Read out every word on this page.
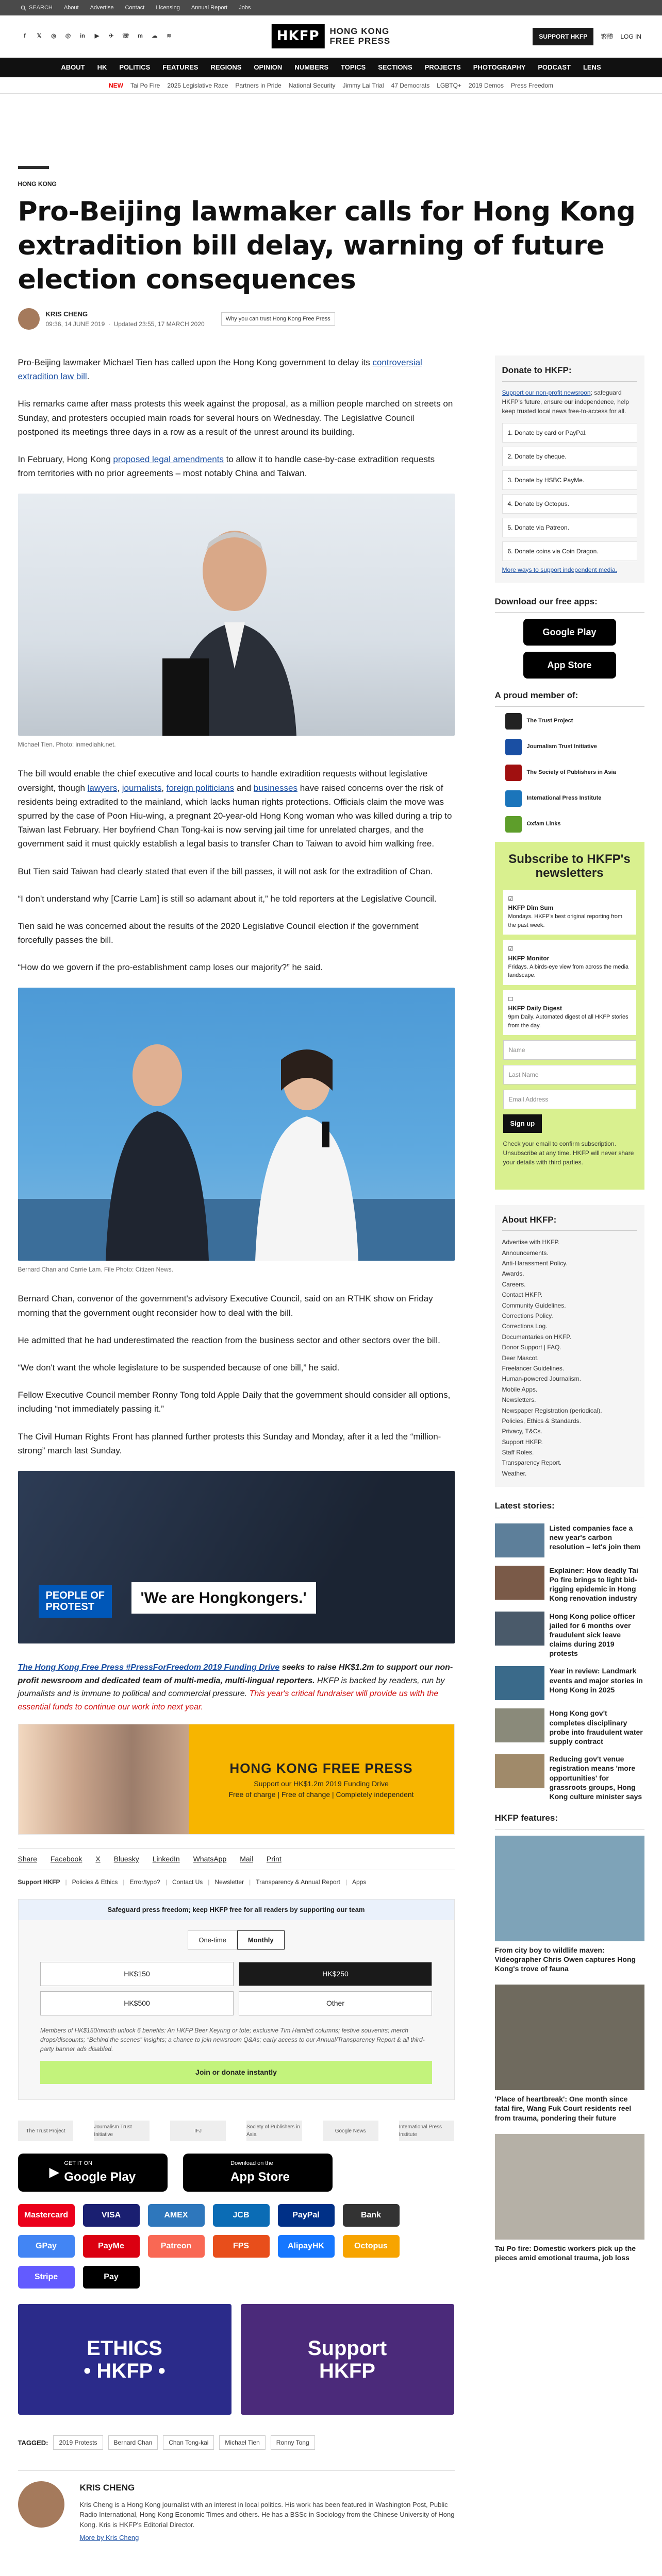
SEARCH About Advertise Contact Licensing Annual Report Jobs
f	𝕏	◎ @ in	▶	✈	☏ m ☁	≋	HKFP	HONG KONG
FREE PRESS	SUPPORT HKFP	繁體 LOG IN
ABOUT HK POLITICS FEATURES REGIONS OPINION NUMBERS TOPICS SECTIONS PROJECTS PHOTOGRAPHY PODCAST LENS
NEW Tai Po Fire 2025 Legislative Race Partners in Pride National Security Jimmy Lai Trial 47 Democrats LGBTQ+ 2019 Demos Press Freedom
HONG KONG
Pro-Beijing lawmaker calls for Hong Kong extradition bill delay, warning of future election consequences
KRIS CHENG
09:36, 14 JUNE 2019  ·  Updated 23:55, 17 MARCH 2020
Why you can trust Hong Kong Free Press

Pro-Beijing lawmaker Michael Tien has called upon the Hong Kong government to delay its controversial extradition law bill.

His remarks came after mass protests this week against the proposal, as a million people marched on streets on Sunday, and protesters occupied main roads for several hours on Wednesday. The Legislative Council postponed its meetings three days in a row as a result of the unrest around its building.

In February, Hong Kong proposed legal amendments to allow it to handle case-by-case extradition requests from territories with no prior agreements – most notably China and Taiwan.

Michael Tien. Photo: inmediahk.net.

The bill would enable the chief executive and local courts to handle extradition requests without legislative oversight, though lawyers, journalists, foreign politicians and businesses have raised concerns over the risk of residents being extradited to the mainland, which lacks human rights protections. Officials claim the move was spurred by the case of Poon Hiu-wing, a pregnant 20-year-old Hong Kong woman who was killed during a trip to Taiwan last February. Her boyfriend Chan Tong-kai is now serving jail time for unrelated charges, and the government said it must quickly establish a legal basis to transfer Chan to Taiwan to avoid him walking free.

But Tien said Taiwan had clearly stated that even if the bill passes, it will not ask for the extradition of Chan.

“I don't understand why [Carrie Lam] is still so adamant about it,” he told reporters at the Legislative Council.

Tien said he was concerned about the results of the 2020 Legislative Council election if the government forcefully passes the bill.

“How do we govern if the pro-establishment camp loses our majority?” he said.

Bernard Chan and Carrie Lam. File Photo: Citizen News.

Bernard Chan, convenor of the government's advisory Executive Council, said on an RTHK show on Friday morning that the government ought reconsider how to deal with the bill.

He admitted that he had underestimated the reaction from the business sector and other sectors over the bill.

“We don't want the whole legislature to be suspended because of one bill,” he said.

Fellow Executive Council member Ronny Tong told Apple Daily that the government should consider all options, including “not immediately passing it.”

The Civil Human Rights Front has planned further protests this Sunday and Monday, after it a led the “million-strong” march last Sunday.

PEOPLE OF
PROTEST
'We are Hongkongers.'
The Hong Kong Free Press #PressForFreedom 2019 Funding Drive seeks to raise HK$1.2m to support our non-profit newsroom and dedicated team of multi-media, multi-lingual reporters. HKFP is backed by readers, run by journalists and is immune to political and commercial pressure. This year's critical fundraiser will provide us with the essential funds to continue our work into next year.
HONG KONG FREE PRESS
Support our HK$1.2m 2019 Funding Drive
Free of charge | Free of change | Completely independent
Share Facebook X Bluesky LinkedIn WhatsApp Mail Print
Support HKFP | Policies & Ethics | Error/typo? | Contact Us | Newsletter | Transparency & Annual Report | Apps
Safeguard press freedom; keep HKFP free for all readers by supporting our team
One-time	Monthly
HK$150	HK$250
HK$500	Other
Members of HK$150/month unlock 6 benefits: An HKFP Beer Keyring or tote; exclusive Tim Hamlett columns; festive souvenirs; merch drops/discounts; “Behind the scenes” insights; a chance to join newsroom Q&As; early access to our Annual/Transparency Report & all third-party banner ads disabled.
Join or donate instantly
The Trust Project
Journalism Trust Initiative
IFJ
Society of Publishers in Asia
Google News
International Press Institute
▶
GET IT ON
Google Play
Download on the
App Store
Mastercard	VISA	AMEX	JCB	PayPal	Bank
GPay	PayMe	Patreon	FPS	AlipayHK	Octopus
Stripe	Pay
ETHICS
• HKFP •
Support
HKFP
TAGGED:	2019 Protests	Bernard Chan	Chan Tong-kai	Michael Tien	Ronny Tong
KRIS CHENG
Kris Cheng is a Hong Kong journalist with an interest in local politics. His work has been featured in Washington Post, Public Radio International, Hong Kong Economic Times and others. He has a BSSc in Sociology from the Chinese University of Hong Kong. Kris is HKFP's Editorial Director.
More by Kris Cheng
Donate to HKFP:
Support our non-profit newsroon; safeguard HKFP's future, ensure our independence, help keep trusted local news free-to-access for all.
1. Donate by card or PayPal.
2. Donate by cheque.
3. Donate by HSBC PayMe.
4. Donate by Octopus.
5. Donate via Patreon.
6. Donate coins via Coin Dragon.
More ways to support independent media.
Download our free apps:
Google Play
App Store
A proud member of:
The Trust Project
Journalism Trust Initiative
The Society of Publishers in Asia
International Press Institute
Oxfam Links
Subscribe to HKFP's newsletters
☑
HKFP Dim Sum
Mondays. HKFP's best original reporting from the past week.
☑
HKFP Monitor
Fridays. A birds-eye view from across the media landscape.
☐
HKFP Daily Digest
9pm Daily. Automated digest of all HKFP stories from the day.
Name
Last Name
Email Address
Sign up
Check your email to confirm subscription. Unsubscribe at any time. HKFP will never share your details with third parties.
About HKFP:
Advertise with HKFP.
Announcements.
Anti-Harassment Policy.
Awards.
Careers.
Contact HKFP.
Community Guidelines.
Corrections Policy.
Corrections Log.
Documentaries on HKFP.
Donor Support | FAQ.
Deer Mascot.
Freelancer Guidelines.
Human-powered Journalism.
Mobile Apps.
Newsletters.
Newspaper Registration (periodical).
Policies, Ethics & Standards.
Privacy, T&Cs.
Support HKFP.
Staff Roles.
Transparency Report.
Weather.
Latest stories:
Listed companies face a new year's carbon resolution – let's join them
Explainer: How deadly Tai Po fire brings to light bid-rigging epidemic in Hong Kong renovation industry
Hong Kong police officer jailed for 6 months over fraudulent sick leave claims during 2019 protests
Year in review: Landmark events and major stories in Hong Kong in 2025
Hong Kong gov't completes disciplinary probe into fraudulent water supply contract
Reducing gov't venue registration means 'more opportunities' for grassroots groups, Hong Kong culture minister says
HKFP features:
From city boy to wildlife maven: Videographer Chris Owen captures Hong Kong's trove of fauna
'Place of heartbreak': One month since fatal fire, Wang Fuk Court residents reel from trauma, pondering their future
Tai Po fire: Domestic workers pick up the pieces amid emotional trauma, job loss
